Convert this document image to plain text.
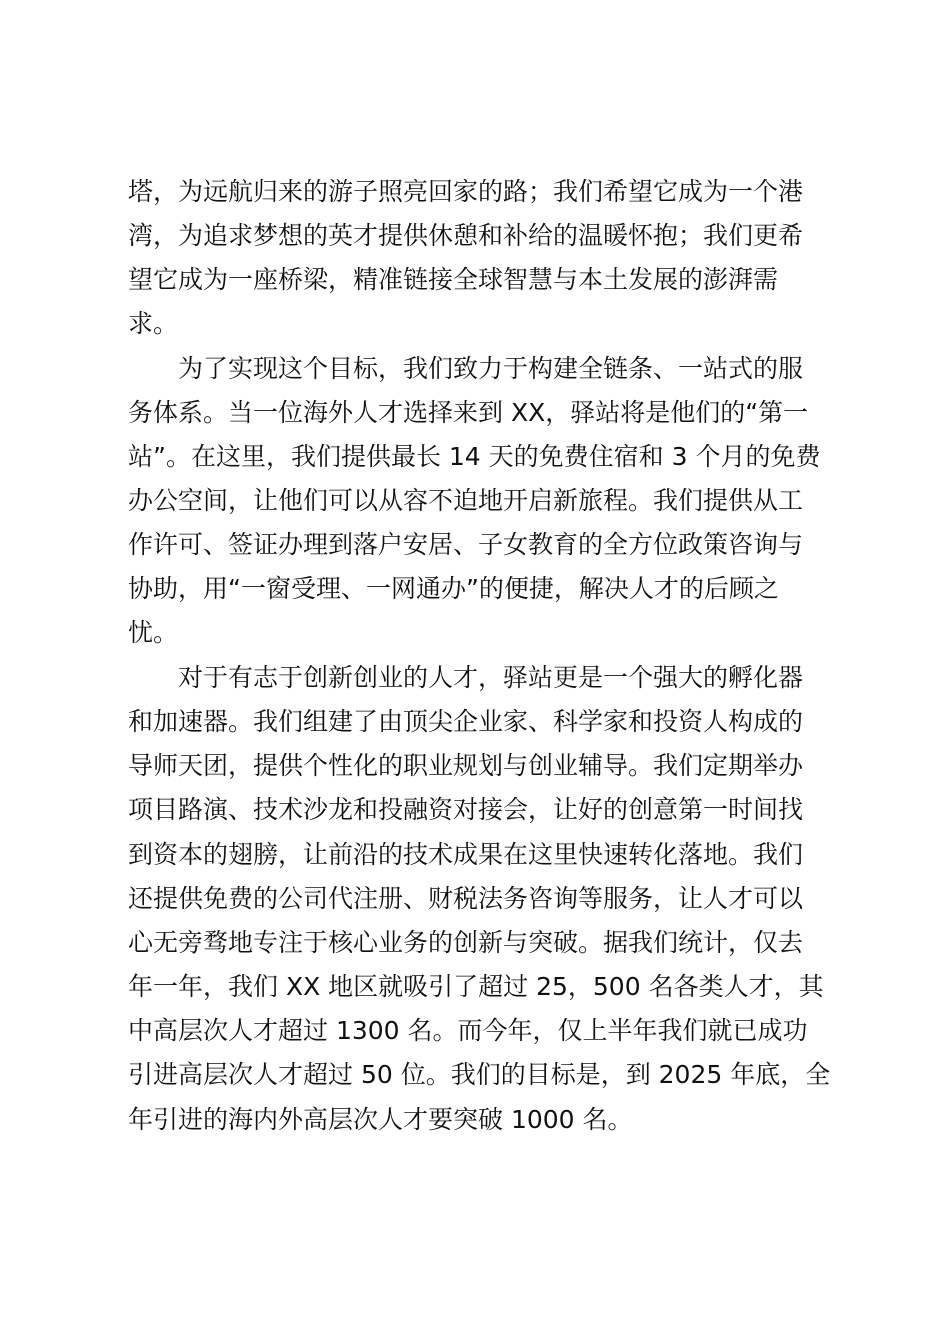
塔，为远航归来的游子照亮回家的路；我们希望它成为一个港
湾，为追求梦想的英才提供休憩和补给的温暖怀抱；我们更希
望它成为一座桥梁，精准链接全球智慧与本土发展的澎湃需
求。
为了实现这个目标，我们致力于构建全链条、一站式的服
务体系。当一位海外人才选择来到 XX，驿站将是他们的“第一
站”。在这里，我们提供最长 14 天的免费住宿和 3 个月的免费
办公空间，让他们可以从容不迫地开启新旅程。我们提供从工
作许可、签证办理到落户安居、子女教育的全方位政策咨询与
协助，用“一窗受理、一网通办”的便捷，解决人才的后顾之
忧。
对于有志于创新创业的人才，驿站更是一个强大的孵化器
和加速器。我们组建了由顶尖企业家、科学家和投资人构成的
导师天团，提供个性化的职业规划与创业辅导。我们定期举办
项目路演、技术沙龙和投融资对接会，让好的创意第一时间找
到资本的翅膀，让前沿的技术成果在这里快速转化落地。我们
还提供免费的公司代注册、财税法务咨询等服务，让人才可以
心无旁骛地专注于核心业务的创新与突破。据我们统计，仅去
年一年，我们 XX 地区就吸引了超过 25，500 名各类人才，其
中高层次人才超过 1300 名。而今年，仅上半年我们就已成功
引进高层次人才超过 50 位。我们的目标是，到 2025 年底，全
年引进的海内外高层次人才要突破 1000 名。
